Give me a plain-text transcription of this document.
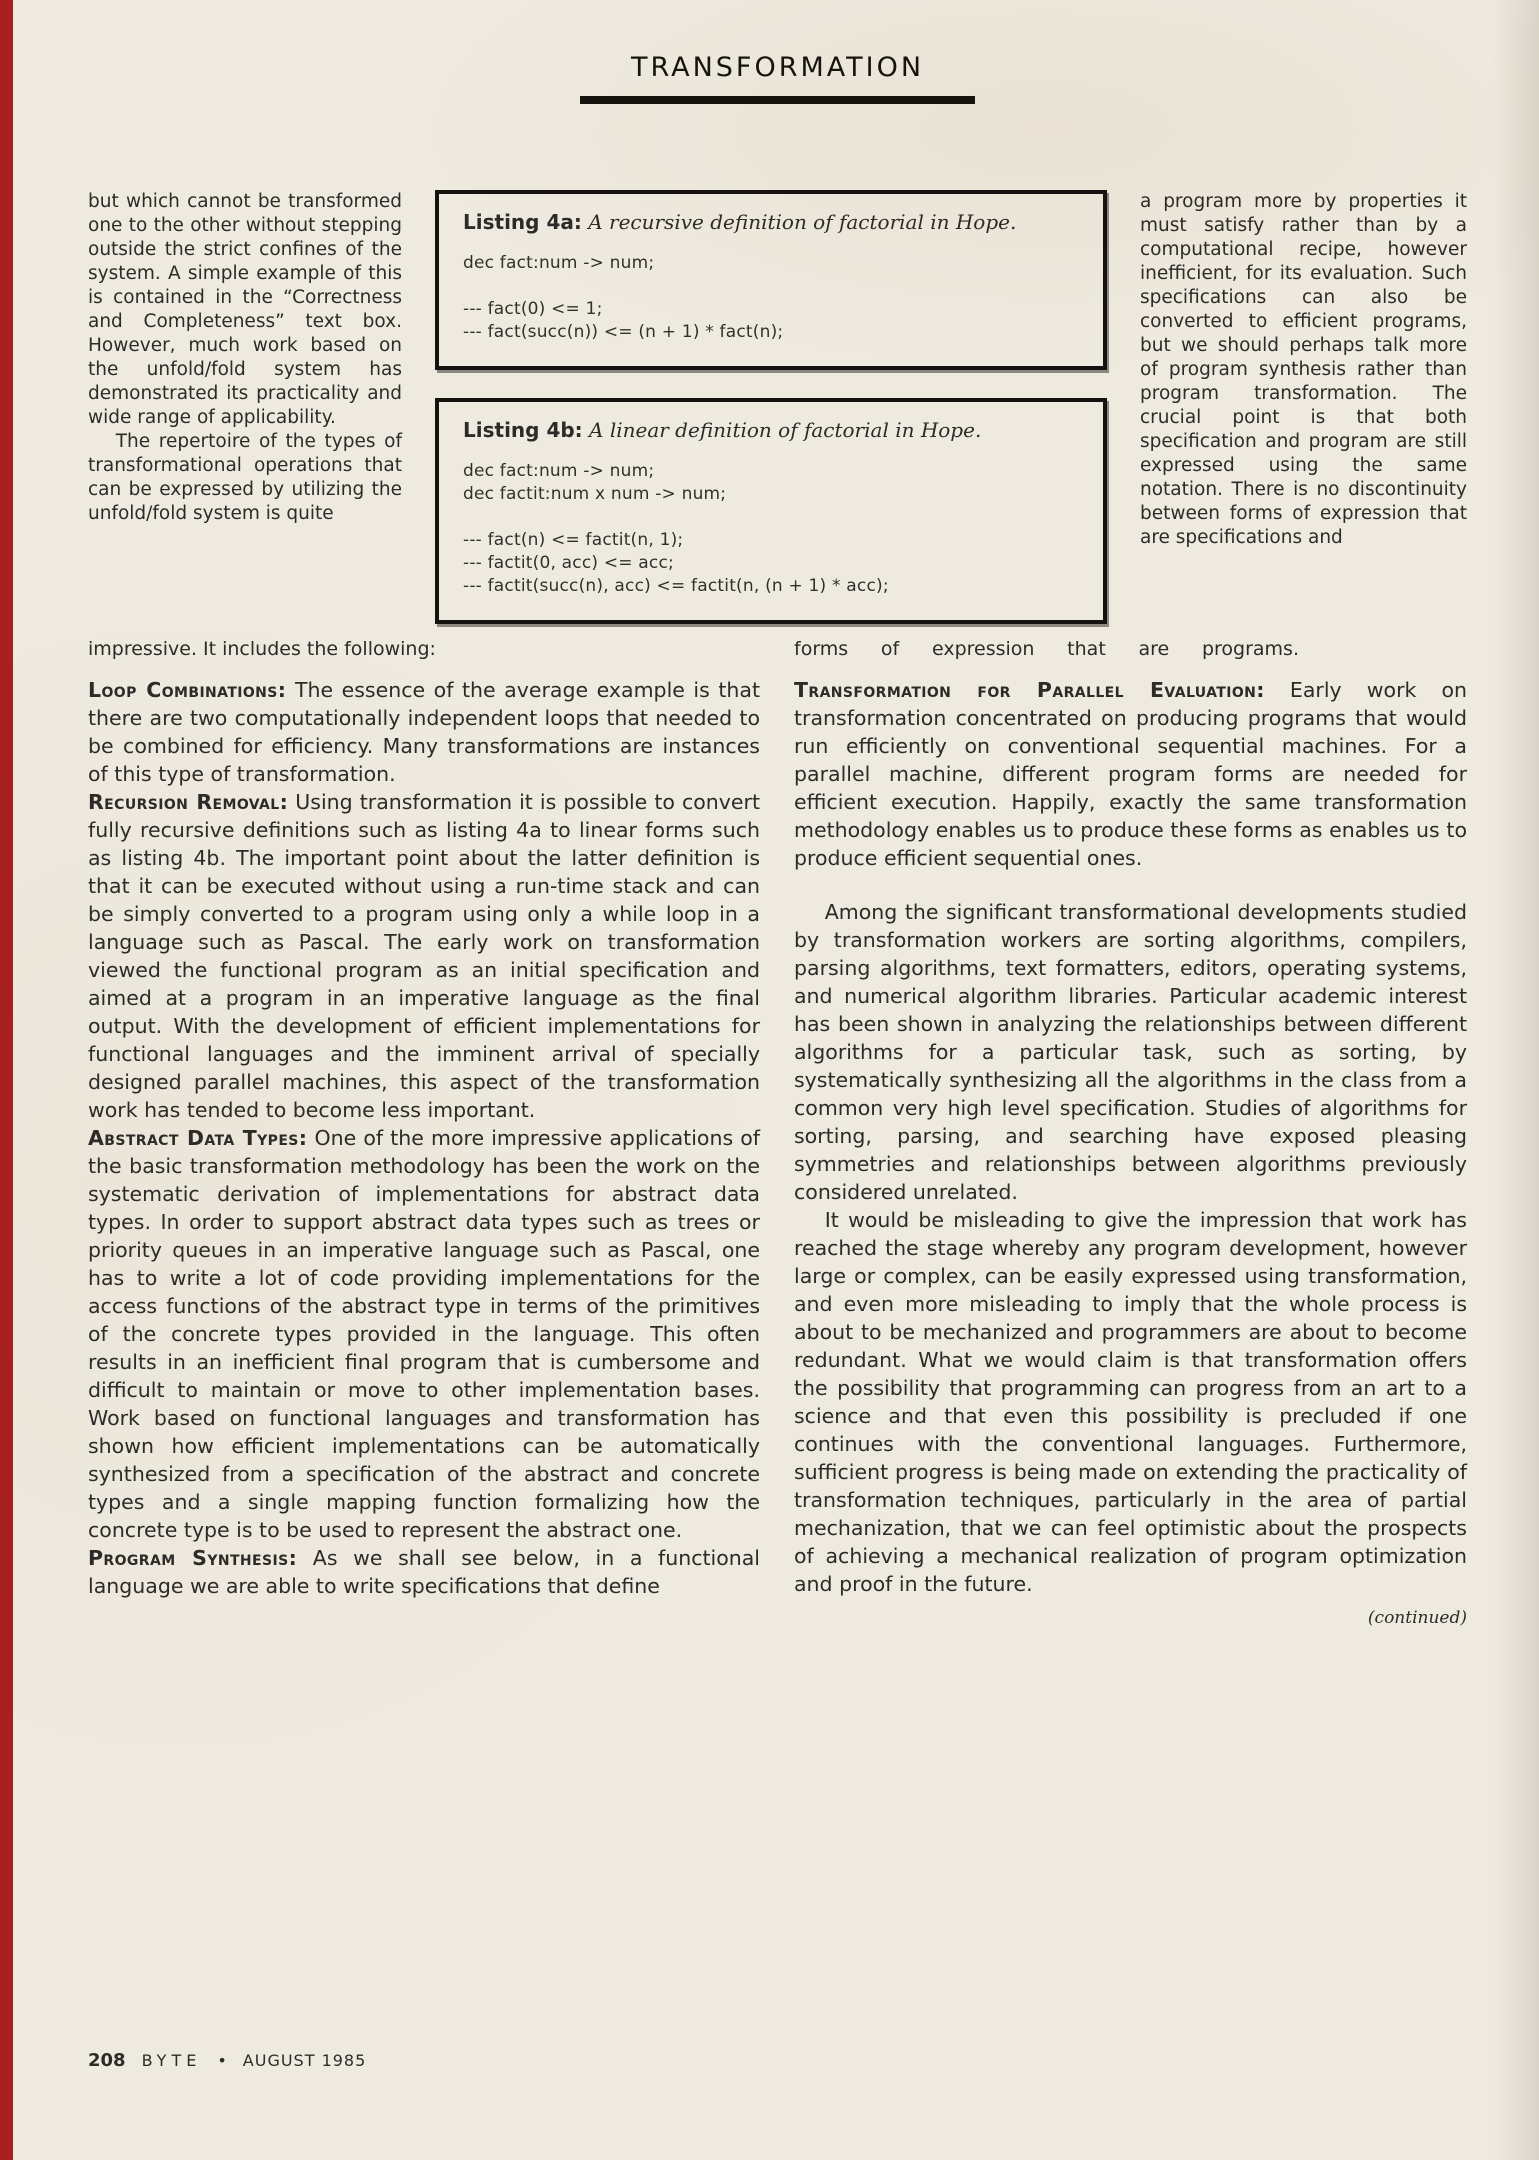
TRANSFORMATION

but which cannot be transformed one to the other without stepping outside the strict confines of the system. A simple example of this is contained in the “Correctness and Completeness” text box. However, much work based on the unfold/fold system has demonstrated its practicality and wide range of applicability.

The repertoire of the types of transformational operations that can be expressed by utilizing the unfold/fold system is quite

Listing 4a: A recursive definition of factorial in Hope.
dec fact:num -> num;
--- fact(0) <= 1;
--- fact(succ(n)) <= (n + 1) * fact(n);
Listing 4b: A linear definition of factorial in Hope.
dec fact:num -> num;
dec factit:num x num -> num;
--- fact(n) <= factit(n, 1);
--- factit(0, acc) <= acc;
--- factit(succ(n), acc) <= factit(n, (n + 1) * acc);

a program more by properties it must satisfy rather than by a computational recipe, however inefficient, for its evaluation. Such specifications can also be converted to efficient programs, but we should perhaps talk more of program synthesis rather than program transformation. The crucial point is that both specification and program are still expressed using the same notation. There is no discontinuity between forms of expression that are specifications and

impressive. It includes the following:	forms of expression that are programs.

Loop Combinations: The essence of the average example is that there are two computationally independent loops that needed to be combined for efficiency. Many transformations are instances of this type of transformation.

Recursion Removal: Using transformation it is possible to convert fully recursive definitions such as listing 4a to linear forms such as listing 4b. The important point about the latter definition is that it can be executed without using a run-time stack and can be simply converted to a program using only a while loop in a language such as Pascal. The early work on transformation viewed the functional program as an initial specification and aimed at a program in an imperative language as the final output. With the development of efficient implementations for functional languages and the imminent arrival of specially designed parallel machines, this aspect of the transformation work has tended to become less important.

Abstract Data Types: One of the more impressive applications of the basic transformation methodology has been the work on the systematic derivation of implementations for abstract data types. In order to support abstract data types such as trees or priority queues in an imperative language such as Pascal, one has to write a lot of code providing implementations for the access functions of the abstract type in terms of the primitives of the concrete types provided in the language. This often results in an inefficient final program that is cumbersome and difficult to maintain or move to other implementation bases. Work based on functional languages and transformation has shown how efficient implementations can be automatically synthesized from a specification of the abstract and concrete types and a single mapping function formalizing how the concrete type is to be used to represent the abstract one.

Program Synthesis: As we shall see below, in a functional language we are able to write specifications that define

Transformation for Parallel Evaluation: Early work on transformation concentrated on producing programs that would run efficiently on conventional sequential machines. For a parallel machine, different program forms are needed for efficient execution. Happily, exactly the same transformation methodology enables us to produce these forms as enables us to produce efficient sequential ones.

Among the significant transformational developments studied by transformation workers are sorting algorithms, compilers, parsing algorithms, text formatters, editors, operating systems, and numerical algorithm libraries. Particular academic interest has been shown in analyzing the relationships between different algorithms for a particular task, such as sorting, by systematically synthesizing all the algorithms in the class from a common very high level specification. Studies of algorithms for sorting, parsing, and searching have exposed pleasing symmetries and relationships between algorithms previously considered unrelated.

It would be misleading to give the impression that work has reached the stage whereby any program development, however large or complex, can be easily expressed using transformation, and even more misleading to imply that the whole process is about to be mechanized and programmers are about to become redundant. What we would claim is that transformation offers the possibility that programming can progress from an art to a science and that even this possibility is precluded if one continues with the conventional languages. Furthermore, sufficient progress is being made on extending the practicality of transformation techniques, particularly in the area of partial mechanization, that we can feel optimistic about the prospects of achieving a mechanical realization of program optimization and proof in the future.

(continued)
208 BYTE • AUGUST 1985
